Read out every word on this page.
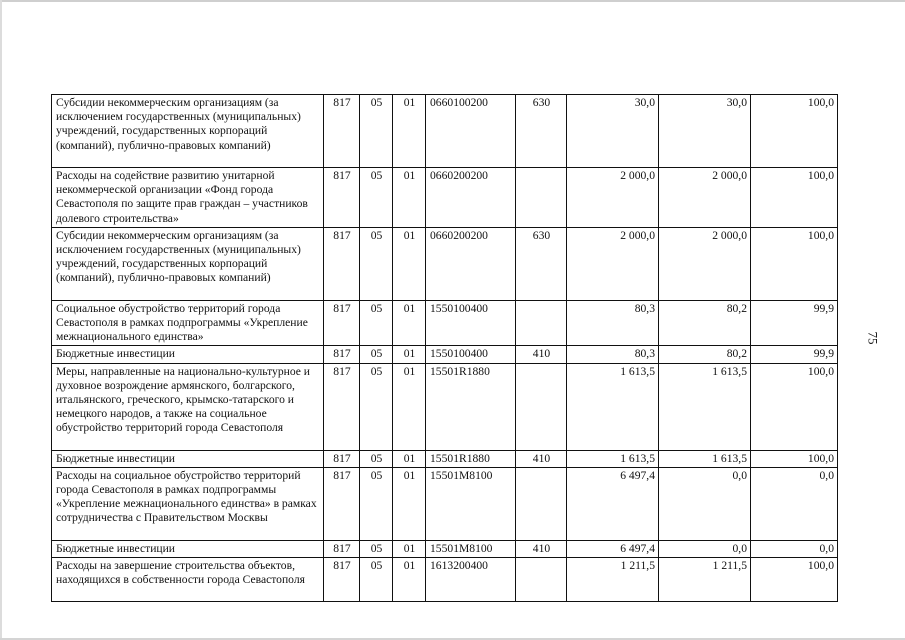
Субсидии некоммерческим организациям (за исключением государственных (муниципальных) учреждений, государственных корпораций (компаний), публично-правовых компаний)	817	05	01	0660100200	630	30,0	30,0	100,0
Расходы на содействие развитию унитарной некоммерческой организации «Фонд города Севастополя по защите прав граждан – участников долевого строительства»	817	05	01	0660200200		2 000,0	2 000,0	100,0
Субсидии некоммерческим организациям (за исключением государственных (муниципальных) учреждений, государственных корпораций (компаний), публично-правовых компаний)	817	05	01	0660200200	630	2 000,0	2 000,0	100,0
Социальное обустройство территорий города Севастополя в рамках подпрограммы «Укрепление межнационального единства»	817	05	01	1550100400		80,3	80,2	99,9
Бюджетные инвестиции	817	05	01	1550100400	410	80,3	80,2	99,9
Меры, направленные на национально-культурное и духовное возрождение армянского, болгарского, итальянского, греческого, крымско-татарского и немецкого народов, а также на социальное обустройство территорий города Севастополя	817	05	01	15501R1880		1 613,5	1 613,5	100,0
Бюджетные инвестиции	817	05	01	15501R1880	410	1 613,5	1 613,5	100,0
Расходы на социальное обустройство территорий города Севастополя в рамках подпрограммы «Укрепление межнационального единства» в рамках сотрудничества с Правительством Москвы	817	05	01	15501M8100		6 497,4	0,0	0,0
Бюджетные инвестиции	817	05	01	15501M8100	410	6 497,4	0,0	0,0
Расходы на завершение строительства объектов, находящихся в собственности города Севастополя	817	05	01	1613200400		1 211,5	1 211,5	100,0
75
